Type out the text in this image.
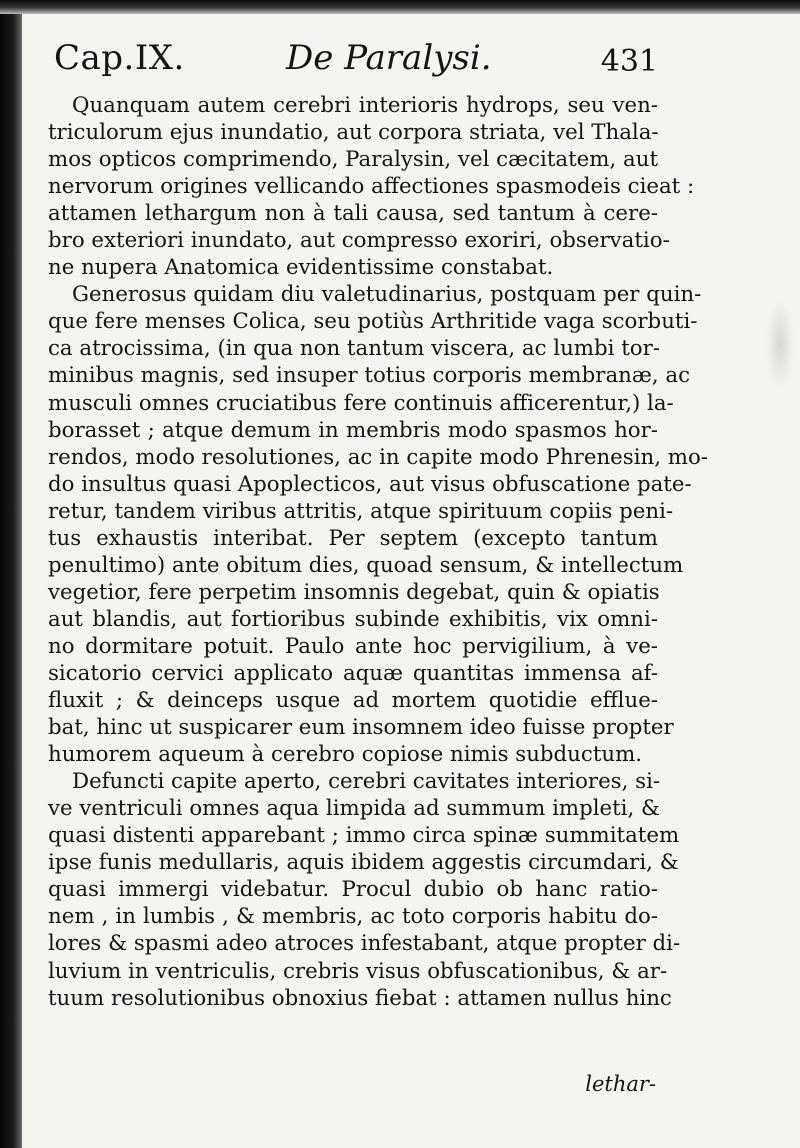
Cap.IX.	De Paralysi.	431
Quanquam autem cerebri interioris hydrops, seu ven-
triculorum ejus inundatio, aut corpora striata, vel Thala-
mos opticos comprimendo, Paralysin, vel cæcitatem, aut
nervorum origines vellicando affectiones spasmodeis cieat :
attamen lethargum non à tali causa, sed tantum à cere-
bro exteriori inundato, aut compresso exoriri, observatio-
ne nupera Anatomica evidentissime constabat.
Generosus quidam diu valetudinarius, postquam per quin-
que fere menses Colica, seu potiùs Arthritide vaga scorbuti-
ca atrocissima, (in qua non tantum viscera, ac lumbi tor-
minibus magnis, sed insuper totius corporis membranæ, ac
musculi omnes cruciatibus fere continuis afficerentur,) la-
borasset ; atque demum in membris modo spasmos hor-
rendos, modo resolutiones, ac in capite modo Phrenesin, mo-
do insultus quasi Apoplecticos, aut visus obfuscatione pate-
retur, tandem viribus attritis, atque spirituum copiis peni-
tus exhaustis interibat. Per septem (excepto tantum
penultimo) ante obitum dies, quoad sensum, & intellectum
vegetior, fere perpetim insomnis degebat, quin & opiatis
aut blandis, aut fortioribus subinde exhibitis, vix omni-
no dormitare potuit. Paulo ante hoc pervigilium, à ve-
sicatorio cervici applicato aquæ quantitas immensa af-
fluxit ; & deinceps usque ad mortem quotidie effluе-
bat, hinc ut suspicarer eum insomnem ideo fuisse propter
humorem aqueum à cerebro copiose nimis subductum.
Defuncti capite aperto, cerebri cavitates interiores, si-
ve ventriculi omnes aqua limpida ad summum impleti, &
quasi distenti apparebant ; immo circa spinæ summitatem
ipse funis medullaris, aquis ibidem aggestis circumdari, &
quasi immergi videbatur. Procul dubio ob hanc ratio-
nem , in lumbis , & membris, ac toto corporis habitu do-
lores & spasmi adeo atroces infestabant, atque propter di-
luvium in ventriculis, crebris visus obfuscationibus, & ar-
tuum resolutionibus obnoxius fiebat : attamen nullus hinc
lethar-
